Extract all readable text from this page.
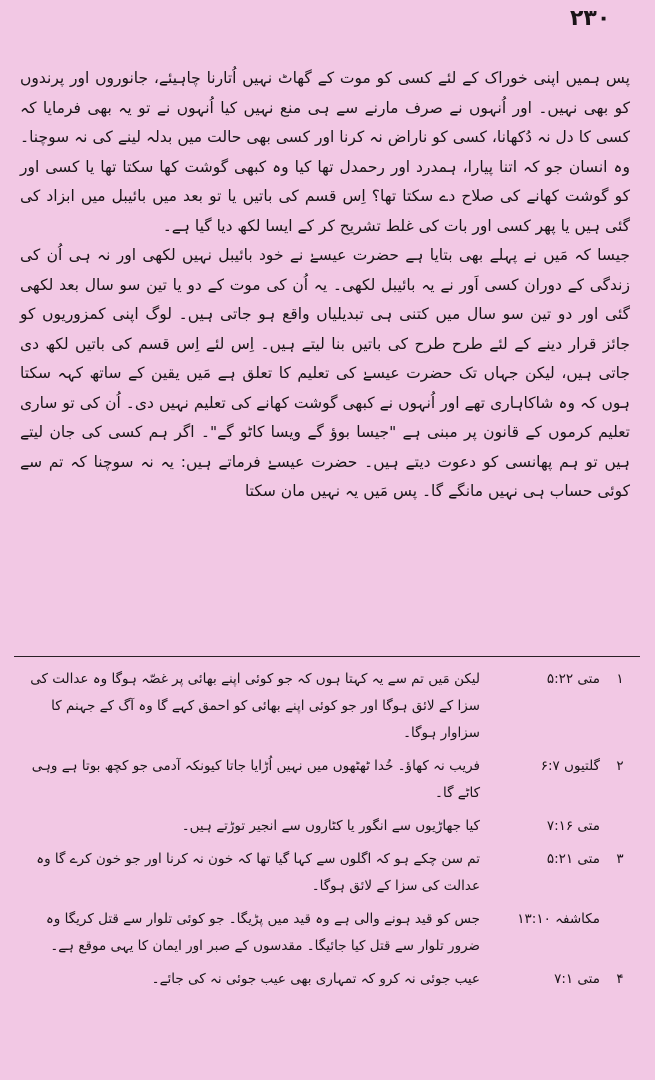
۲۳۰

پس ہمیں اپنی خوراک کے لئے کسی کو موت کے گھاٹ نہیں اُتارنا چاہیئے، جانوروں اور پرندوں کو بھی نہیں۔ اور اُنہوں نے صرف مارنے سے ہی منع نہیں کیا اُنہوں نے تو یہ بھی فرمایا کہ کسی کا دل نہ دُکھانا، کسی کو ناراض نہ کرنا اور کسی بھی حالت میں بدلہ لینے کی نہ سوچنا۔ وہ انسان جو کہ اتنا پیارا، ہمدرد اور رحمدل تھا کیا وہ کبھی گوشت کھا سکتا تھا یا کسی اور کو گوشت کھانے کی صلاح دے سکتا تھا؟ اِس قسم کی باتیں یا تو بعد میں بائیبل میں ابزاد کی گئی ہیں یا پھر کسی اور بات کی غلط تشریح کر کے ایسا لکھ دیا گیا ہے۔

جیسا کہ مَیں نے پہلے بھی بتایا ہے حضرت عیسےٰ نے خود بائیبل نہیں لکھی اور نہ ہی اُن کی زندگی کے دوران کسی اَور نے یہ بائیبل لکھی۔ یہ اُن کی موت کے دو یا تین سو سال بعد لکھی گئی اور دو تین سو سال میں کتنی ہی تبدیلیاں واقع ہو جاتی ہیں۔ لوگ اپنی کمزوریوں کو جائز قرار دینے کے لئے طرح طرح کی باتیں بنا لیتے ہیں۔ اِس لئے اِس قسم کی باتیں لکھ دی جاتی ہیں، لیکن جہاں تک حضرت عیسےٰ کی تعلیم کا تعلق ہے مَیں یقین کے ساتھ کہہ سکتا ہوں کہ وہ شاکاہاری تھے اور اُنہوں نے کبھی گوشت کھانے کی تعلیم نہیں دی۔ اُن کی تو ساری تعلیم کرموں کے قانون پر مبنی ہے "جیسا بوؤ گے ویسا کاٹو گے"۔ اگر ہم کسی کی جان لیتے ہیں تو ہم پھانسی کو دعوت دیتے ہیں۔ حضرت عیسےٰ فرماتے ہیں: یہ نہ سوچنا کہ تم سے کوئی حساب ہی نہیں مانگے گا۔ پس مَیں یہ نہیں مان سکتا

۱
متی ۵:۲۲
لیکن مَیں تم سے یہ کہتا ہوں کہ جو کوئی اپنے بھائی پر غصّہ ہوگا وہ عدالت کی سزا کے لائق ہوگا اور جو کوئی اپنے بھائی کو احمق کہے گا وہ آگ کے جہنم کا سزاوار ہوگا۔
۲
گلتیوں ۶:۷
فریب نہ کھاؤ۔ خُدا ٹھٹھوں میں نہیں اُڑایا جاتا کیونکہ آدمی جو کچھ بوتا ہے وہی کاٹے گا۔
متی ۷:۱۶
کیا جھاڑیوں سے انگور یا کٹاروں سے انجیر توڑتے ہیں۔
۳
متی ۵:۲۱
تم سن چکے ہو کہ اگلوں سے کہا گیا تھا کہ خون نہ کرنا اور جو خون کرے گا وہ عدالت کی سزا کے لائق ہوگا۔
مکاشفہ ۱۳:۱۰
جس کو قید ہونے والی ہے وہ قید میں پڑیگا۔ جو کوئی تلوار سے قتل کریگا وہ ضرور تلوار سے قتل کیا جائیگا۔ مقدسوں کے صبر اور ایمان کا یہی موقع ہے۔
۴
متی ۷:۱
عیب جوئی نہ کرو کہ تمہاری بھی عیب جوئی نہ کی جائے۔
